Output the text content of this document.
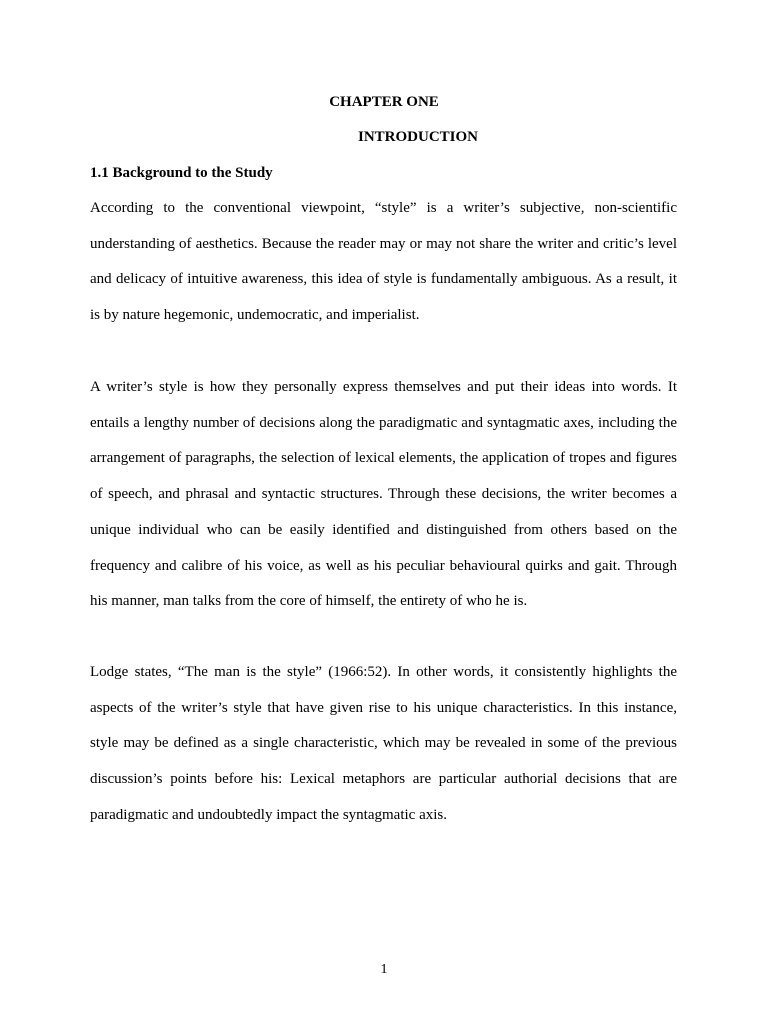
CHAPTER ONE
INTRODUCTION
1.1 Background to the Study

According to the conventional viewpoint, “style” is a writer’s subjective, non-scientific understanding of aesthetics. Because the reader may or may not share the writer and critic’s level and delicacy of intuitive awareness, this idea of style is fundamentally ambiguous. As a result, it is by nature hegemonic, undemocratic, and imperialist.

A writer’s style is how they personally express themselves and put their ideas into words. It entails a lengthy number of decisions along the paradigmatic and syntagmatic axes, including the arrangement of paragraphs, the selection of lexical elements, the application of tropes and figures of speech, and phrasal and syntactic structures. Through these decisions, the writer becomes a unique individual who can be easily identified and distinguished from others based on the frequency and calibre of his voice, as well as his peculiar behavioural quirks and gait. Through his manner, man talks from the core of himself, the entirety of who he is.

Lodge states, “The man is the style” (1966:52). In other words, it consistently highlights the aspects of the writer’s style that have given rise to his unique characteristics. In this instance, style may be defined as a single characteristic, which may be revealed in some of the previous discussion’s points before his: Lexical metaphors are particular authorial decisions that are paradigmatic and undoubtedly impact the syntagmatic axis.

1
